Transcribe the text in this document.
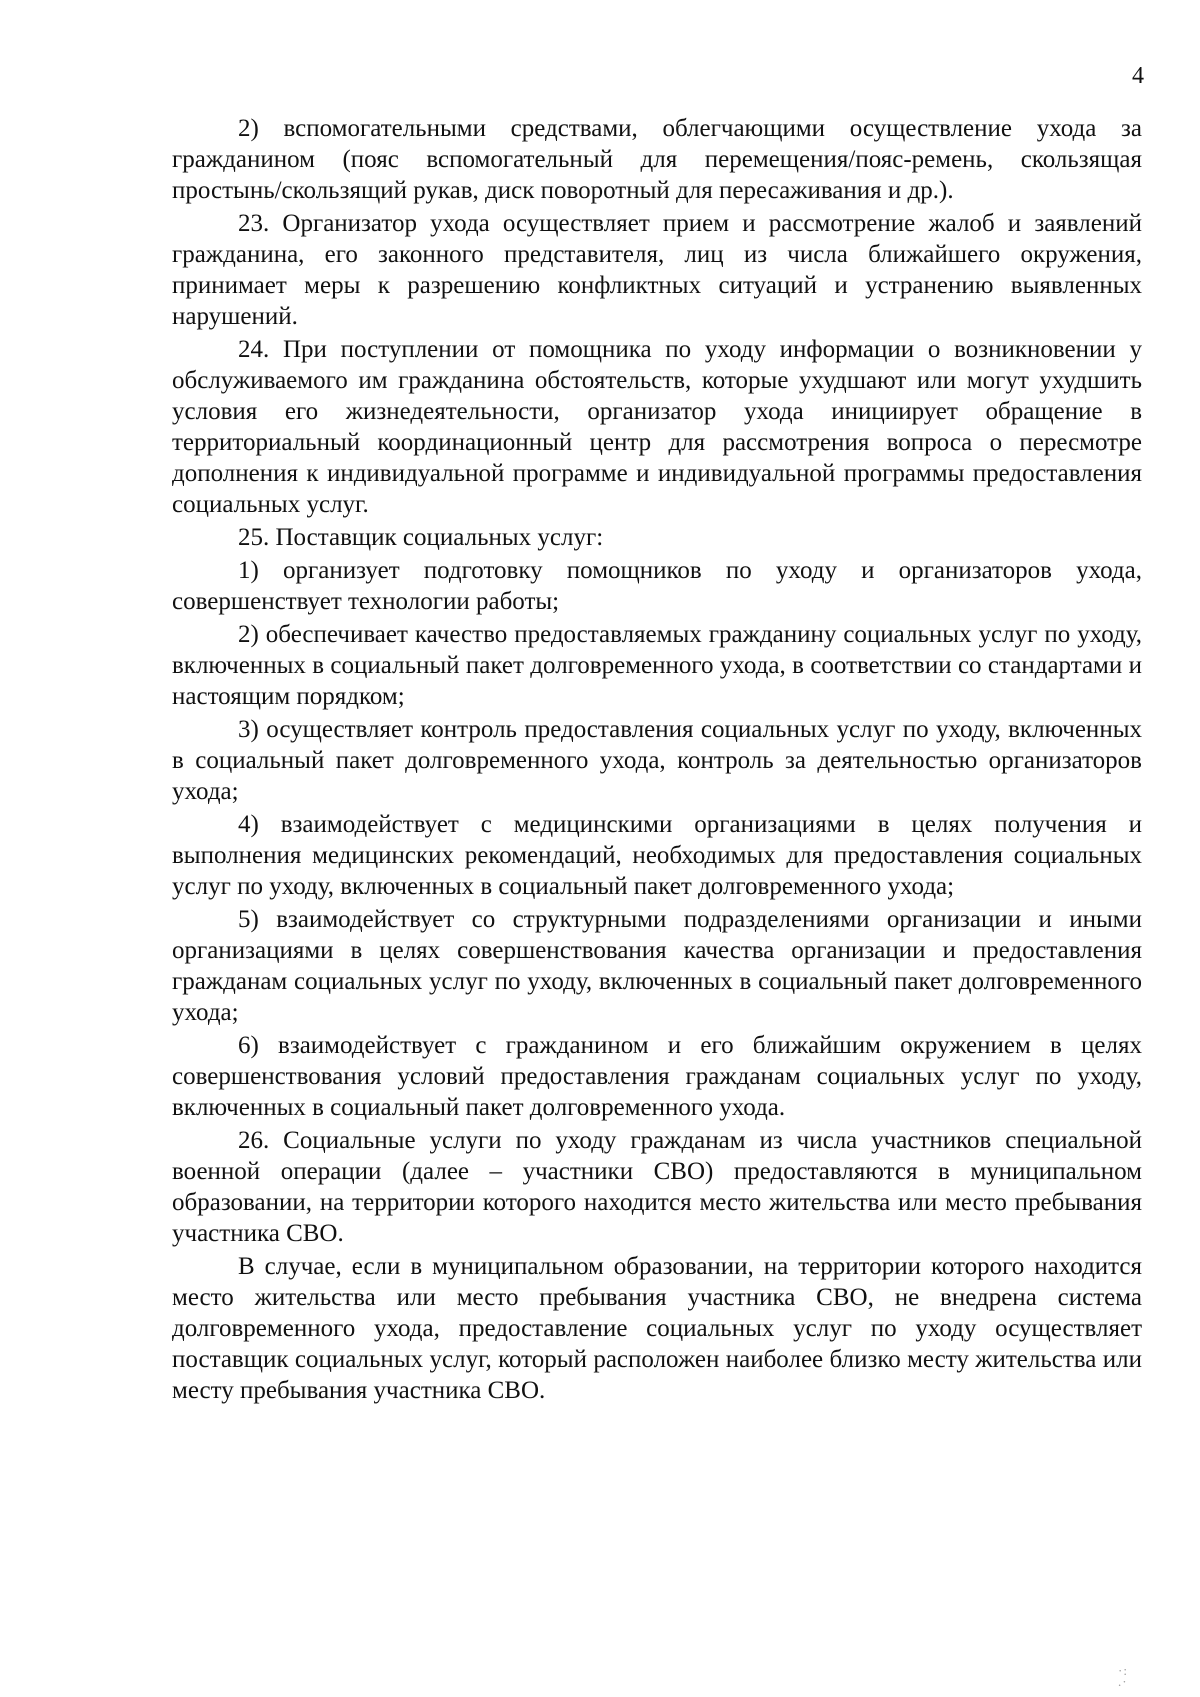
4

2) вспомогательными средствами, облегчающими осуществление ухода за гражданином (пояс вспомогательный для перемещения/пояс-ремень, скользящая простынь/скользящий рукав, диск поворотный для пересаживания и др.).

23. Организатор ухода осуществляет прием и рассмотрение жалоб и заявлений гражданина, его законного представителя, лиц из числа ближайшего окружения, принимает меры к разрешению конфликтных ситуаций и устранению выявленных нарушений.

24. При поступлении от помощника по уходу информации о возникновении у обслуживаемого им гражданина обстоятельств, которые ухудшают или могут ухудшить условия его жизнедеятельности, организатор ухода инициирует обращение в территориальный координационный центр для рассмотрения вопроса о пересмотре дополнения к индивидуальной программе и индивидуальной программы предоставления социальных услуг.

25. Поставщик социальных услуг:

1) организует подготовку помощников по уходу и организаторов ухода, совершенствует технологии работы;

2) обеспечивает качество предоставляемых гражданину социальных услуг по уходу, включенных в социальный пакет долговременного ухода, в соответствии со стандартами и настоящим порядком;

3) осуществляет контроль предоставления социальных услуг по уходу, включенных в социальный пакет долговременного ухода, контроль за деятельностью организаторов ухода;

4) взаимодействует с медицинскими организациями в целях получения и выполнения медицинских рекомендаций, необходимых для предоставления социальных услуг по уходу, включенных в социальный пакет долговременного ухода;

5) взаимодействует со структурными подразделениями организации и иными организациями в целях совершенствования качества организации и предоставления гражданам социальных услуг по уходу, включенных в социальный пакет долговременного ухода;

6) взаимодействует с гражданином и его ближайшим окружением в целях совершенствования условий предоставления гражданам социальных услуг по уходу, включенных в социальный пакет долговременного ухода.

26. Социальные услуги по уходу гражданам из числа участников специальной военной операции (далее – участники СВО) предоставляются в муниципальном образовании, на территории которого находится место жительства или место пребывания участника СВО.

В случае, если в муниципальном образовании, на территории которого находится место жительства или место пребывания участника СВО, не внедрена система долговременного ухода, предоставление социальных услуг по уходу осуществляет поставщик социальных услуг, который расположен наиболее близко месту жительства или месту пребывания участника СВО.

·:
.·
